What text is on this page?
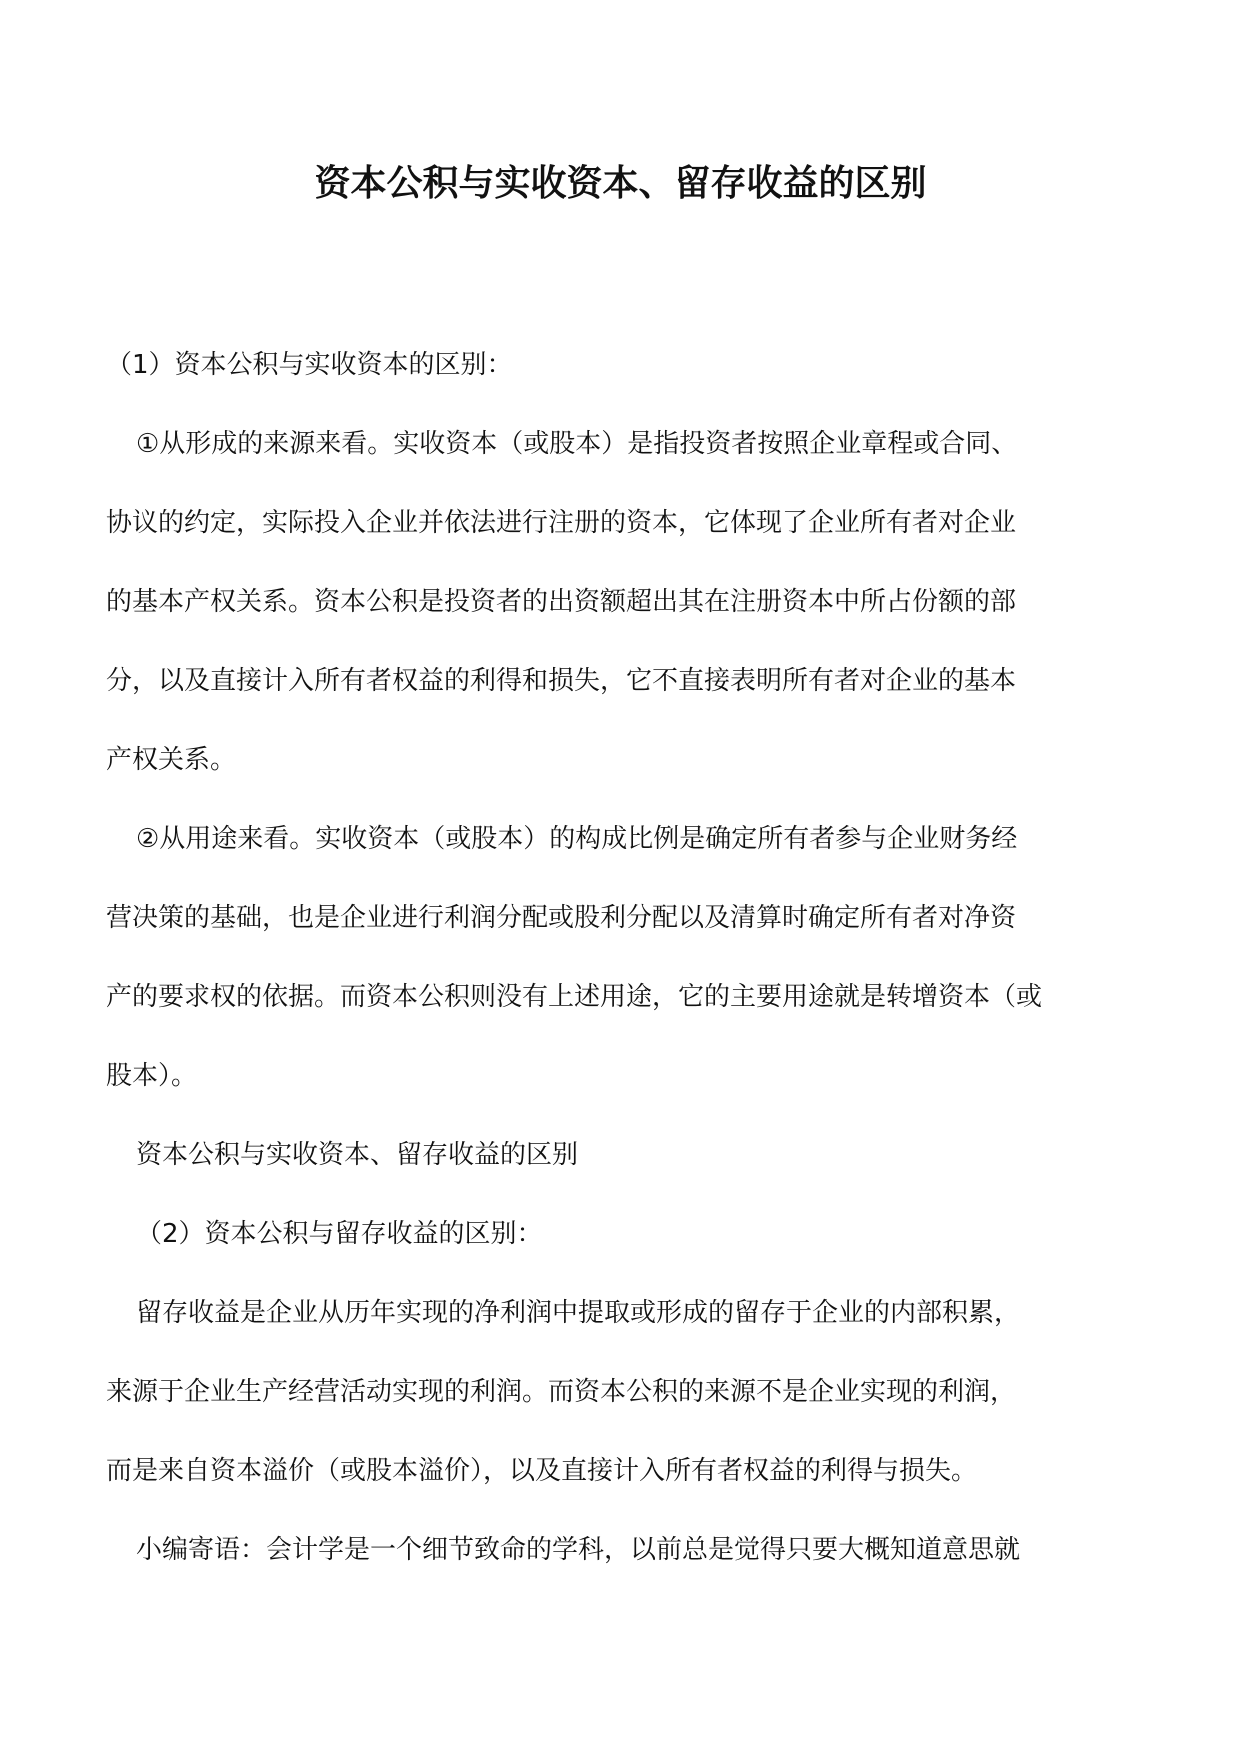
资本公积与实收资本、留存收益的区别

（1）资本公积与实收资本的区别：

①从形成的来源来看。实收资本（或股本）是指投资者按照企业章程或合同、

协议的约定，实际投入企业并依法进行注册的资本，它体现了企业所有者对企业

的基本产权关系。资本公积是投资者的出资额超出其在注册资本中所占份额的部

分，以及直接计入所有者权益的利得和损失，它不直接表明所有者对企业的基本

产权关系。

②从用途来看。实收资本（或股本）的构成比例是确定所有者参与企业财务经

营决策的基础，也是企业进行利润分配或股利分配以及清算时确定所有者对净资

产的要求权的依据。而资本公积则没有上述用途，它的主要用途就是转增资本（或

股本）。

资本公积与实收资本、留存收益的区别

（2）资本公积与留存收益的区别：

留存收益是企业从历年实现的净利润中提取或形成的留存于企业的内部积累，

来源于企业生产经营活动实现的利润。而资本公积的来源不是企业实现的利润，

而是来自资本溢价（或股本溢价），以及直接计入所有者权益的利得与损失。

小编寄语：会计学是一个细节致命的学科，以前总是觉得只要大概知道意思就
